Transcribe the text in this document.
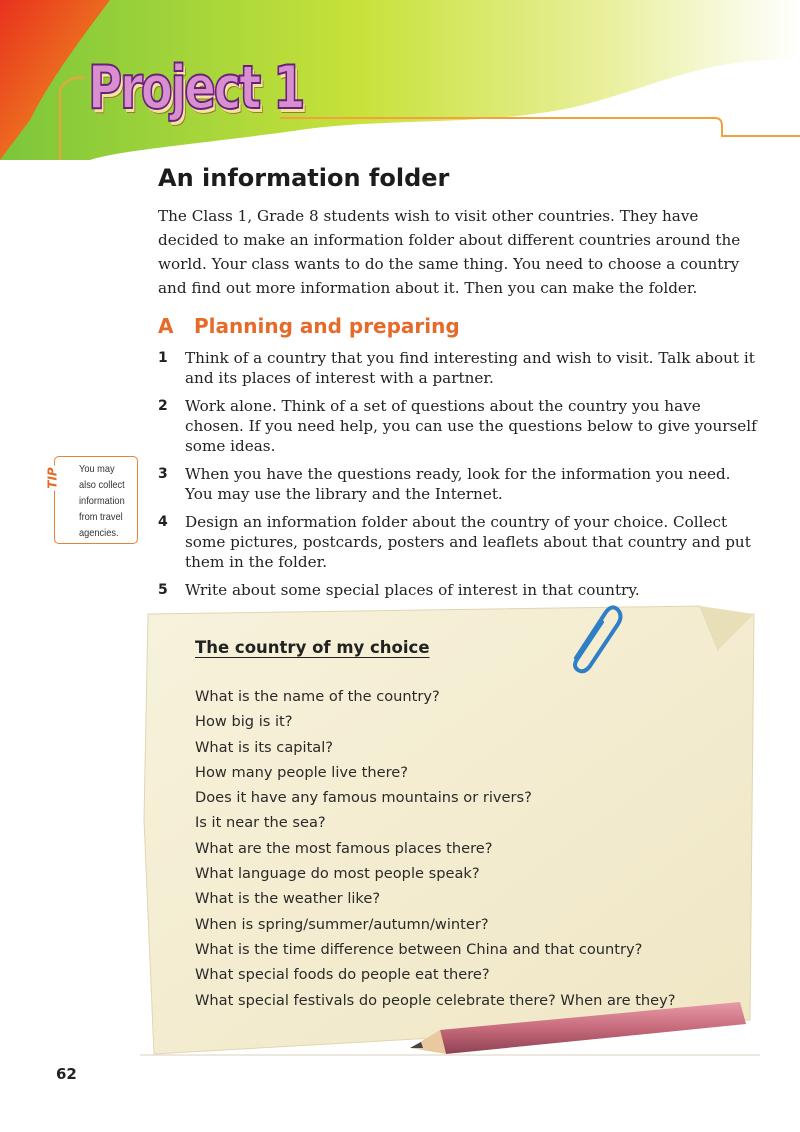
Project 1
An information folder

The Class 1, Grade 8 students wish to visit other countries. They have decided to make an information folder about different countries around the world. Your class wants to do the same thing. You need to choose a country and find out more information about it. Then you can make the folder.

A Planning and preparing
1 Think of a country that you find interesting and wish to visit. Talk about it and its places of interest with a partner.
2 Work alone. Think of a set of questions about the country you have chosen. If you need help, you can use the questions below to give yourself some ideas.
3 When you have the questions ready, look for the information you need. You may use the library and the Internet.
4 Design an information folder about the country of your choice. Collect some pictures, postcards, posters and leaflets about that country and put them in the folder.
5 Write about some special places of interest in that country.
TIP You may also collect information from travel agencies.
The country of my choice
What is the name of the country?
How big is it?
What is its capital?
How many people live there?
Does it have any famous mountains or rivers?
Is it near the sea?
What are the most famous places there?
What language do most people speak?
What is the weather like?
When is spring/summer/autumn/winter?
What is the time difference between China and that country?
What special foods do people eat there?
What special festivals do people celebrate there? When are they?
62
